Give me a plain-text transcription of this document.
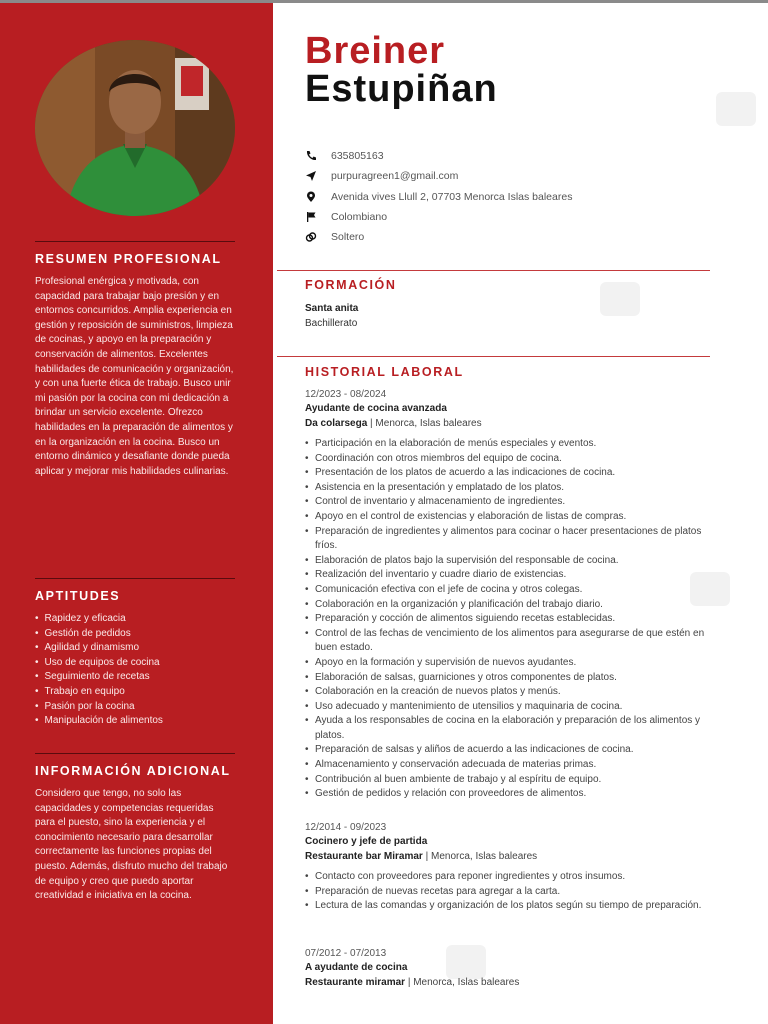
RESUMEN PROFESIONAL
Profesional enérgica y motivada, con capacidad para trabajar bajo presión y en entornos concurridos. Amplia experiencia en gestión y reposición de suministros, limpieza de cocinas, y apoyo en la preparación y conservación de alimentos. Excelentes habilidades de comunicación y organización, y con una fuerte ética de trabajo. Busco unir mi pasión por la cocina con mi dedicación a brindar un servicio excelente. Ofrezco habilidades en la preparación de alimentos y en la organización en la cocina. Busco un entorno dinámico y desafiante donde pueda aplicar y mejorar mis habilidades culinarias.
APTITUDES
• Rapidez y eficacia
• Gestión de pedidos
• Agilidad y dinamismo
• Uso de equipos de cocina
• Seguimiento de recetas
• Trabajo en equipo
• Pasión por la cocina
• Manipulación de alimentos
INFORMACIÓN ADICIONAL
Considero que tengo, no solo las capacidades y competencias requeridas para el puesto, sino la experiencia y el conocimiento necesario para desarrollar correctamente las funciones propias del puesto. Además, disfruto mucho del trabajo de equipo y creo que puedo aportar creatividad e iniciativa en la cocina.
Breiner
Estupiñan
635805163
purpuragreen1@gmail.com
Avenida vives Llull 2, 07703 Menorca Islas baleares
Colombiano
Soltero
FORMACIÓN
Santa anita
Bachillerato
HISTORIAL LABORAL
12/2023 - 08/2024
Ayudante de cocina avanzada
Da colarsega | Menorca, Islas baleares
• Participación en la elaboración de menús especiales y eventos.
• Coordinación con otros miembros del equipo de cocina.
• Presentación de los platos de acuerdo a las indicaciones de cocina.
• Asistencia en la presentación y emplatado de los platos.
• Control de inventario y almacenamiento de ingredientes.
• Apoyo en el control de existencias y elaboración de listas de compras.
• Preparación de ingredientes y alimentos para cocinar o hacer presentaciones de platos fríos.
• Elaboración de platos bajo la supervisión del responsable de cocina.
• Realización del inventario y cuadre diario de existencias.
• Comunicación efectiva con el jefe de cocina y otros colegas.
• Colaboración en la organización y planificación del trabajo diario.
• Preparación y cocción de alimentos siguiendo recetas establecidas.
• Control de las fechas de vencimiento de los alimentos para asegurarse de que estén en buen estado.
• Apoyo en la formación y supervisión de nuevos ayudantes.
• Elaboración de salsas, guarniciones y otros componentes de platos.
• Colaboración en la creación de nuevos platos y menús.
• Uso adecuado y mantenimiento de utensilios y maquinaria de cocina.
• Ayuda a los responsables de cocina en la elaboración y preparación de los alimentos y platos.
• Preparación de salsas y aliños de acuerdo a las indicaciones de cocina.
• Almacenamiento y conservación adecuada de materias primas.
• Contribución al buen ambiente de trabajo y al espíritu de equipo.
• Gestión de pedidos y relación con proveedores de alimentos.
12/2014 - 09/2023
Cocinero y jefe de partida
Restaurante bar Miramar | Menorca, Islas baleares
• Contacto con proveedores para reponer ingredientes y otros insumos.
• Preparación de nuevas recetas para agregar a la carta.
• Lectura de las comandas y organización de los platos según su tiempo de preparación.
07/2012 - 07/2013
A ayudante de cocina
Restaurante miramar | Menorca, Islas baleares
